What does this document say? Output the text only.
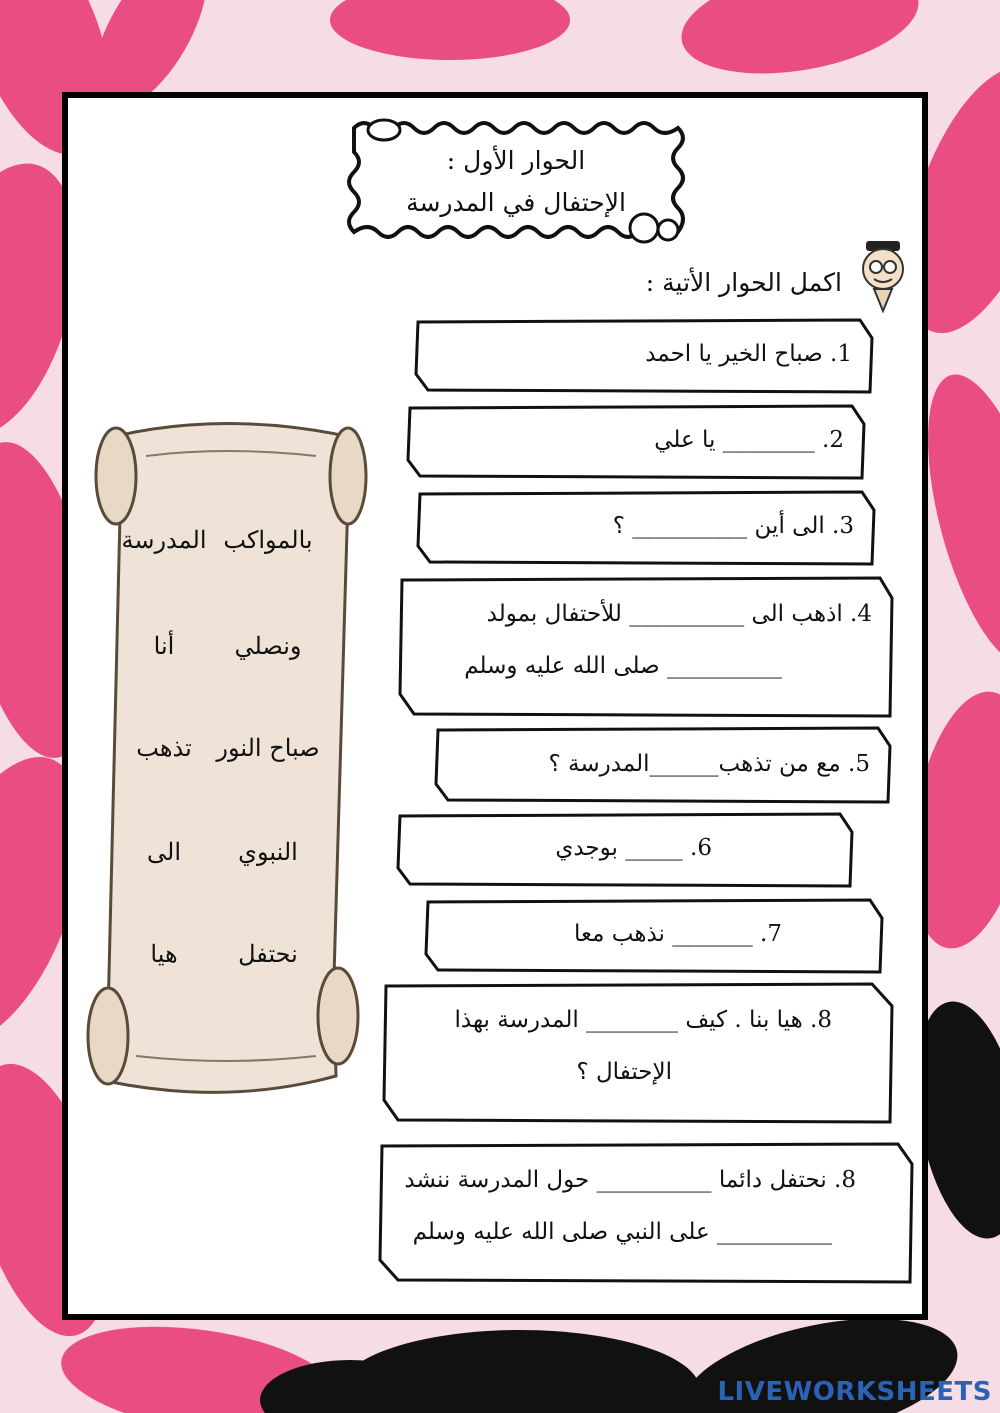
الحوار الأول :
الإحتفال في المدرسة
اكمل الحوار الأتية :
1. صباح الخير يا احمد
2. ________ يا علي
3. الى أين __________ ؟
4. اذهب الى __________ للأحتفال بمولد
__________ صلى الله عليه وسلم
5. مع من تذهب______المدرسة ؟
6. _____ بوجدي
7. _______ نذهب معا
8. هيا بنا . كيف ________ المدرسة بهذا
الإحتفال ؟
8. نحتفل دائما __________ حول المدرسة ننشد
__________ على النبي صلى الله عليه وسلم
بالمواكب
المدرسة
ونصلي
أنا
صباح النور
تذهب
النبوي
الى
نحتفل
هيا
LIVEWORKSHEETS
